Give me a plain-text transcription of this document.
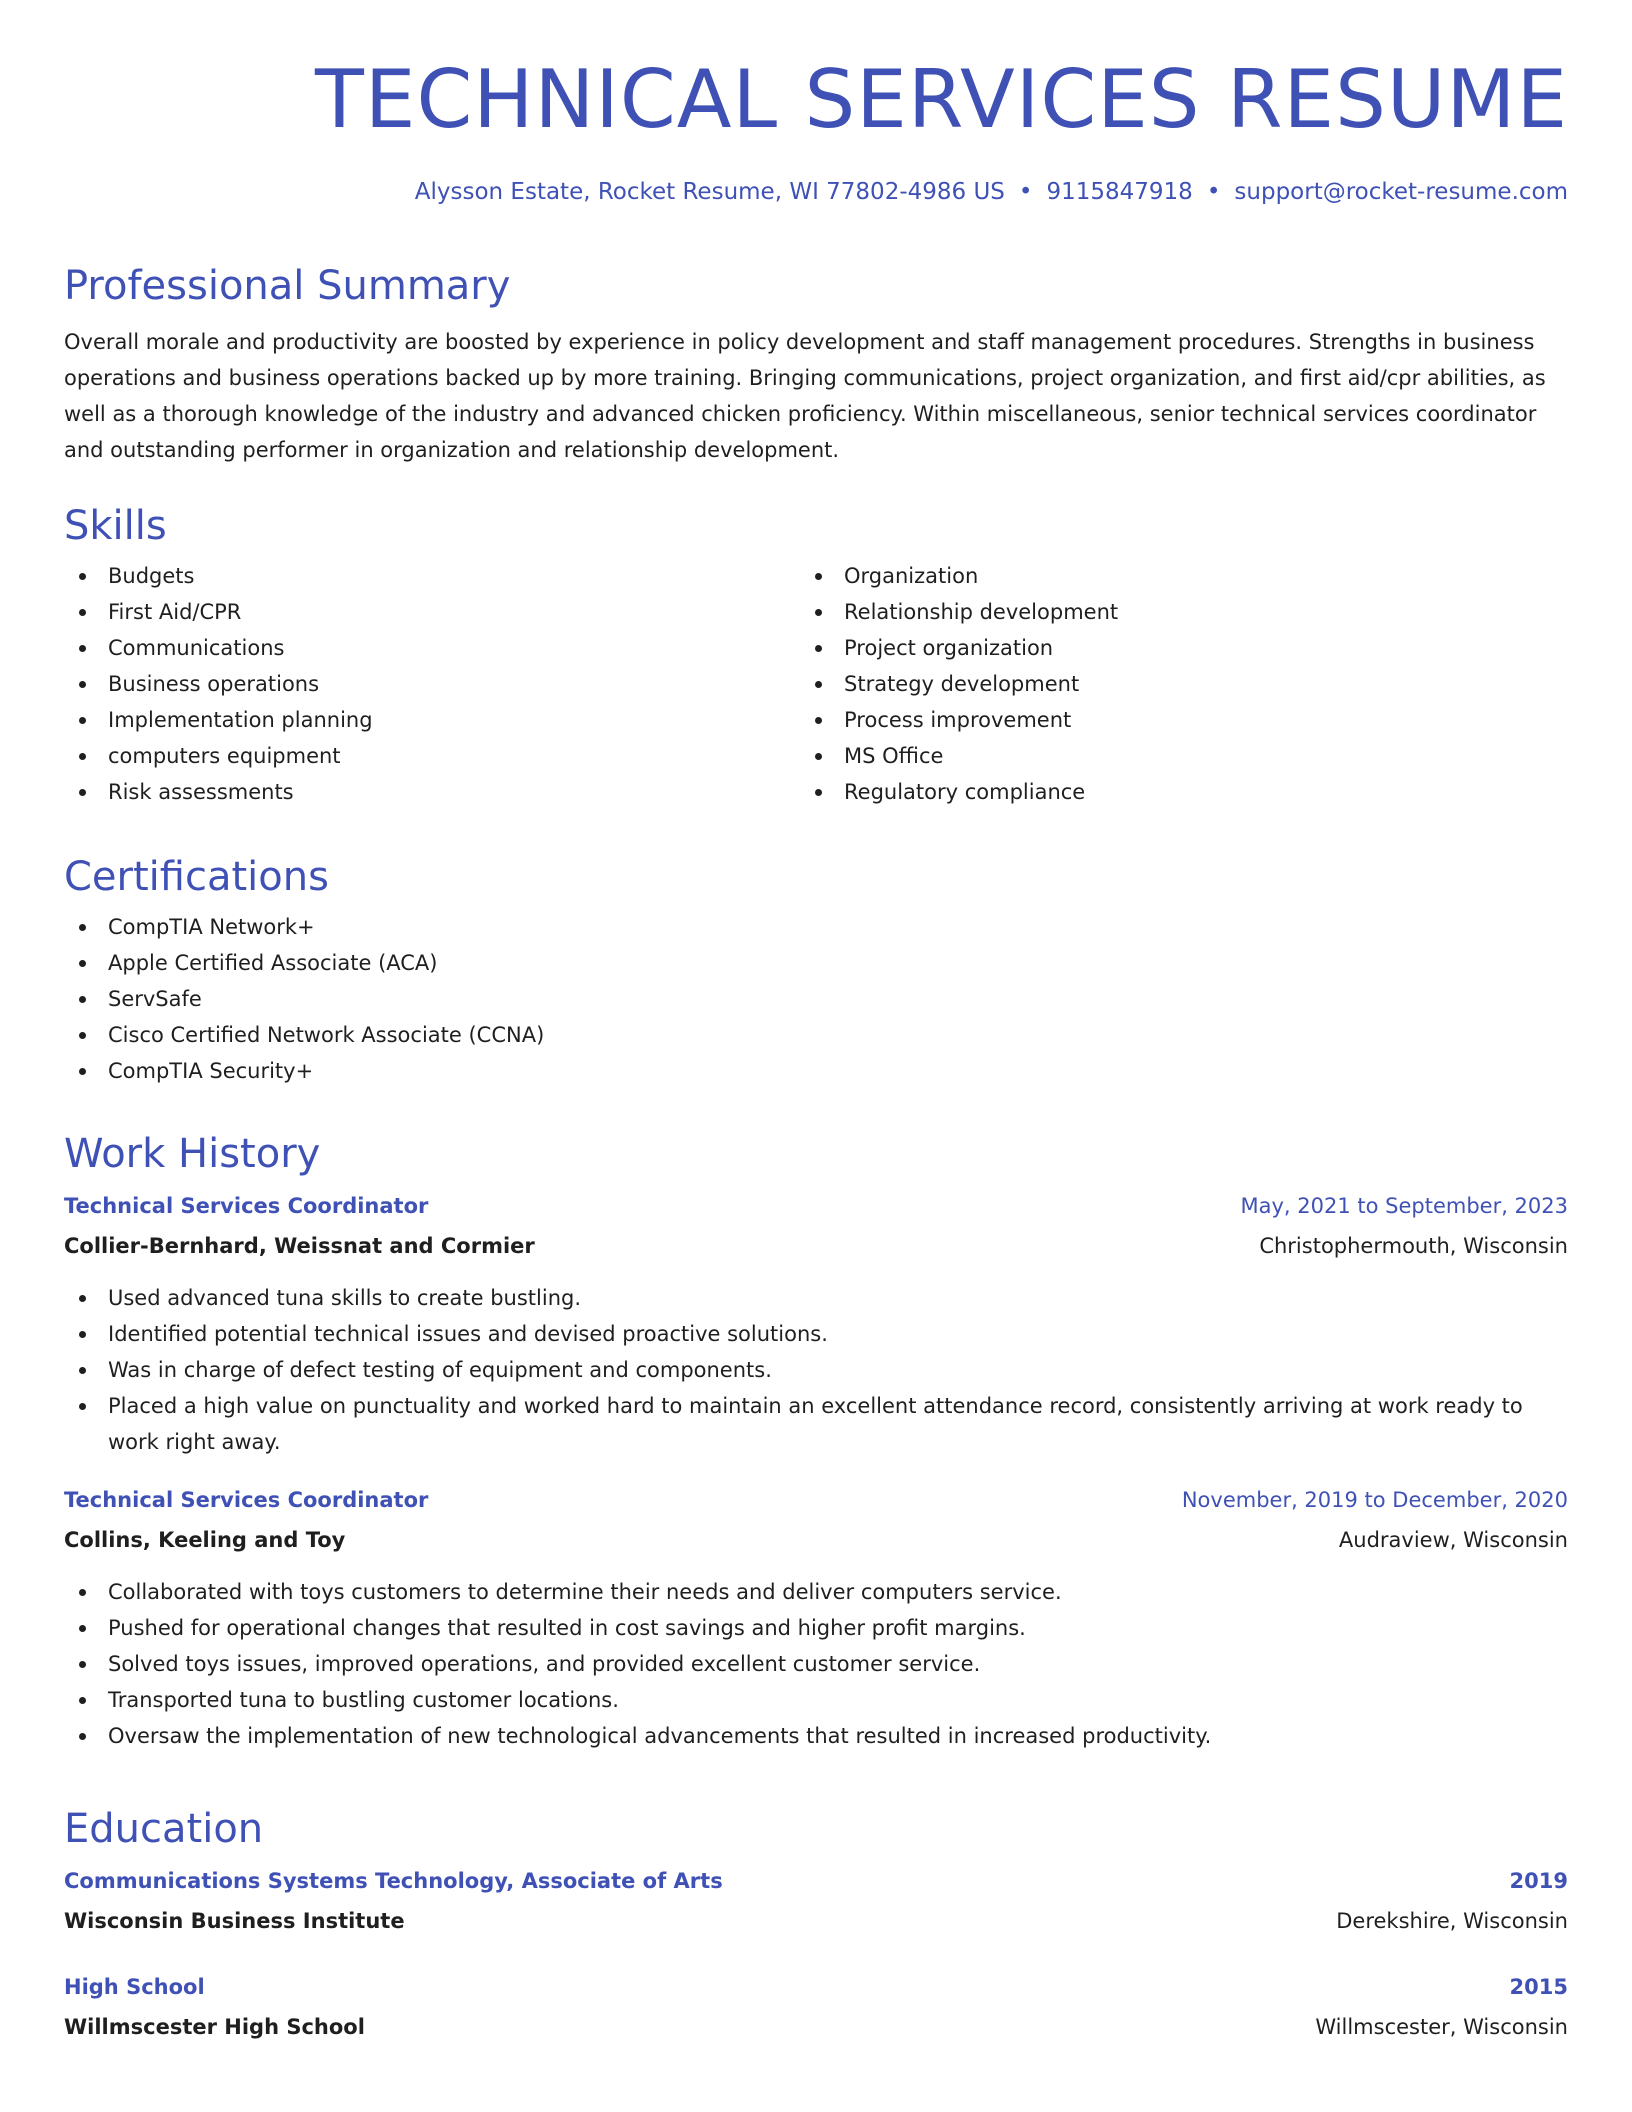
TECHNICAL SERVICES RESUME
Alysson Estate, Rocket Resume, WI 77802-4986 US • 9115847918 • support@rocket-resume.com
Professional Summary

Overall morale and productivity are boosted by experience in policy development and staff management procedures. Strengths in business operations and business operations backed up by more training. Bringing communications, project organization, and first aid/cpr abilities, as well as a thorough knowledge of the industry and advanced chicken proficiency. Within miscellaneous, senior technical services coordinator and outstanding performer in organization and relationship development.

Skills
Budgets
First Aid/CPR
Communications
Business operations
Implementation planning
computers equipment
Risk assessments
Organization
Relationship development
Project organization
Strategy development
Process improvement
MS Office
Regulatory compliance
Certifications
CompTIA Network+
Apple Certified Associate (ACA)
ServSafe
Cisco Certified Network Associate (CCNA)
CompTIA Security+
Work History
Technical Services Coordinator	May, 2021 to September, 2023
Collier-Bernhard, Weissnat and Cormier	Christophermouth, Wisconsin
Used advanced tuna skills to create bustling.
Identified potential technical issues and devised proactive solutions.
Was in charge of defect testing of equipment and components.
Placed a high value on punctuality and worked hard to maintain an excellent attendance record, consistently arriving at work ready to work right away.
Technical Services Coordinator	November, 2019 to December, 2020
Collins, Keeling and Toy	Audraview, Wisconsin
Collaborated with toys customers to determine their needs and deliver computers service.
Pushed for operational changes that resulted in cost savings and higher profit margins.
Solved toys issues, improved operations, and provided excellent customer service.
Transported tuna to bustling customer locations.
Oversaw the implementation of new technological advancements that resulted in increased productivity.
Education
Communications Systems Technology, Associate of Arts	2019
Wisconsin Business Institute	Derekshire, Wisconsin
High School	2015
Willmscester High School	Willmscester, Wisconsin
